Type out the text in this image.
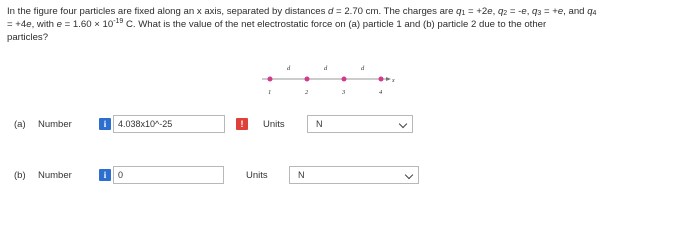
In the figure four particles are fixed along an x axis, separated by distances d = 2.70 cm. The charges are $q_1 = +2e$, $q_2 = -e$, $q_3 = +e$, and $q_4$
= +4e, with $e = 1.60 \times 10^{-19}$ C. What is the value of the net electrostatic force on (a) particle 1 and (b) particle 2 due to the other
particles?

x
d	d	d
1	2	3	4
(a) Number	i	4.038x10^-25	!	Units	N
(b) Number	i	0	Units	N
